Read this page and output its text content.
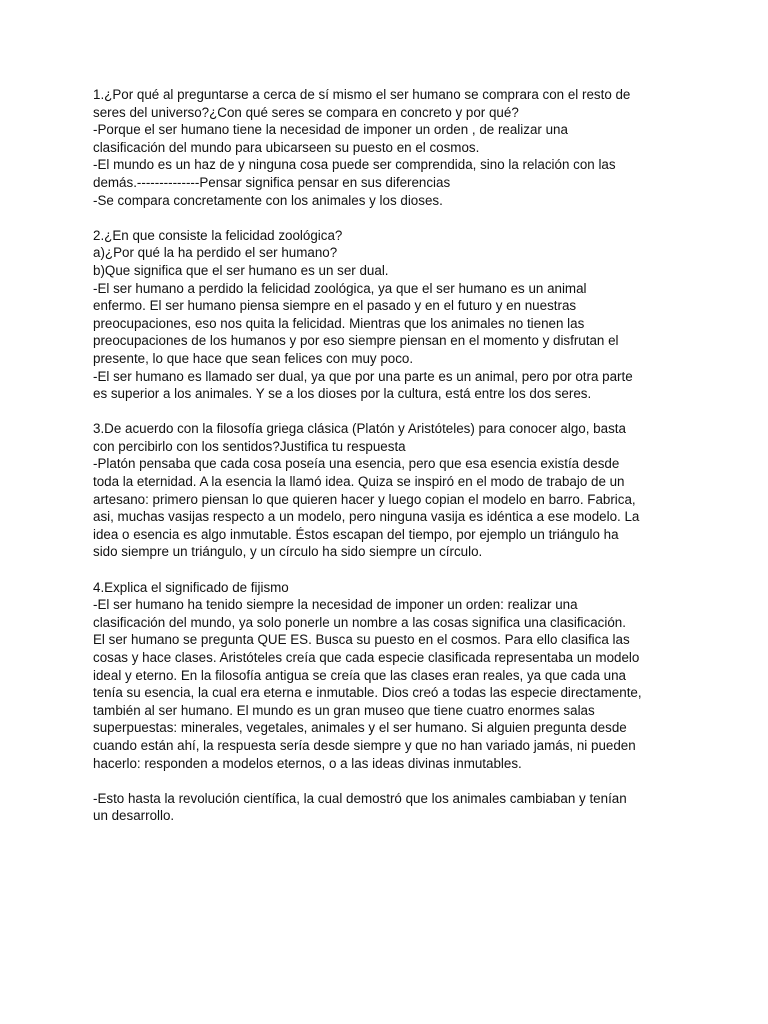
1.¿Por qué al preguntarse a cerca de sí mismo el ser humano se comprara con el resto de
seres del universo?¿Con qué seres se compara en concreto y por qué?
-Porque el ser humano tiene la necesidad de imponer un orden , de realizar una
clasificación del mundo para ubicarseen su puesto en el cosmos.
-El mundo es un haz de y ninguna cosa puede ser comprendida, sino la relación con las
demás.--------------Pensar significa pensar en sus diferencias
-Se compara concretamente con los animales y los dioses.
2.¿En que consiste la felicidad zoológica?
a)¿Por qué la ha perdido el ser humano?
b)Que significa que el ser humano es un ser dual.
-El ser humano a perdido la felicidad zoológica, ya que el ser humano es un animal
enfermo. El ser humano piensa siempre en el pasado y en el futuro y en nuestras
preocupaciones, eso nos quita la felicidad. Mientras que los animales no tienen las
preocupaciones de los humanos y por eso siempre piensan en el momento y disfrutan el
presente, lo que hace que sean felices con muy poco.
-El ser humano es llamado ser dual, ya que por una parte es un animal, pero por otra parte
es superior a los animales. Y se a los dioses por la cultura, está entre los dos seres.
3.De acuerdo con la filosofía griega clásica (Platón y Aristóteles) para conocer algo, basta
con percibirlo con los sentidos?Justifica tu respuesta
-Platón pensaba que cada cosa poseía una esencia, pero que esa esencia existía desde
toda la eternidad. A la esencia la llamó idea. Quiza se inspiró en el modo de trabajo de un
artesano: primero piensan lo que quieren hacer y luego copian el modelo en barro. Fabrica,
asi, muchas vasijas respecto a un modelo, pero ninguna vasija es idéntica a ese modelo. La
idea o esencia es algo inmutable. Éstos escapan del tiempo, por ejemplo un triángulo ha
sido siempre un triángulo, y un círculo ha sido siempre un círculo.
4.Explica el significado de fijismo
-El ser humano ha tenido siempre la necesidad de imponer un orden: realizar una
clasificación del mundo, ya solo ponerle un nombre a las cosas significa una clasificación.
El ser humano se pregunta QUE ES. Busca su puesto en el cosmos. Para ello clasifica las
cosas y hace clases. Aristóteles creía que cada especie clasificada representaba un modelo
ideal y eterno. En la filosofía antigua se creía que las clases eran reales, ya que cada una
tenía su esencia, la cual era eterna e inmutable. Dios creó a todas las especie directamente,
también al ser humano. El mundo es un gran museo que tiene cuatro enormes salas
superpuestas: minerales, vegetales, animales y el ser humano. Si alguien pregunta desde
cuando están ahí, la respuesta sería desde siempre y que no han variado jamás, ni pueden
hacerlo: responden a modelos eternos, o a las ideas divinas inmutables.
-Esto hasta la revolución científica, la cual demostró que los animales cambiaban y tenían
un desarrollo.
